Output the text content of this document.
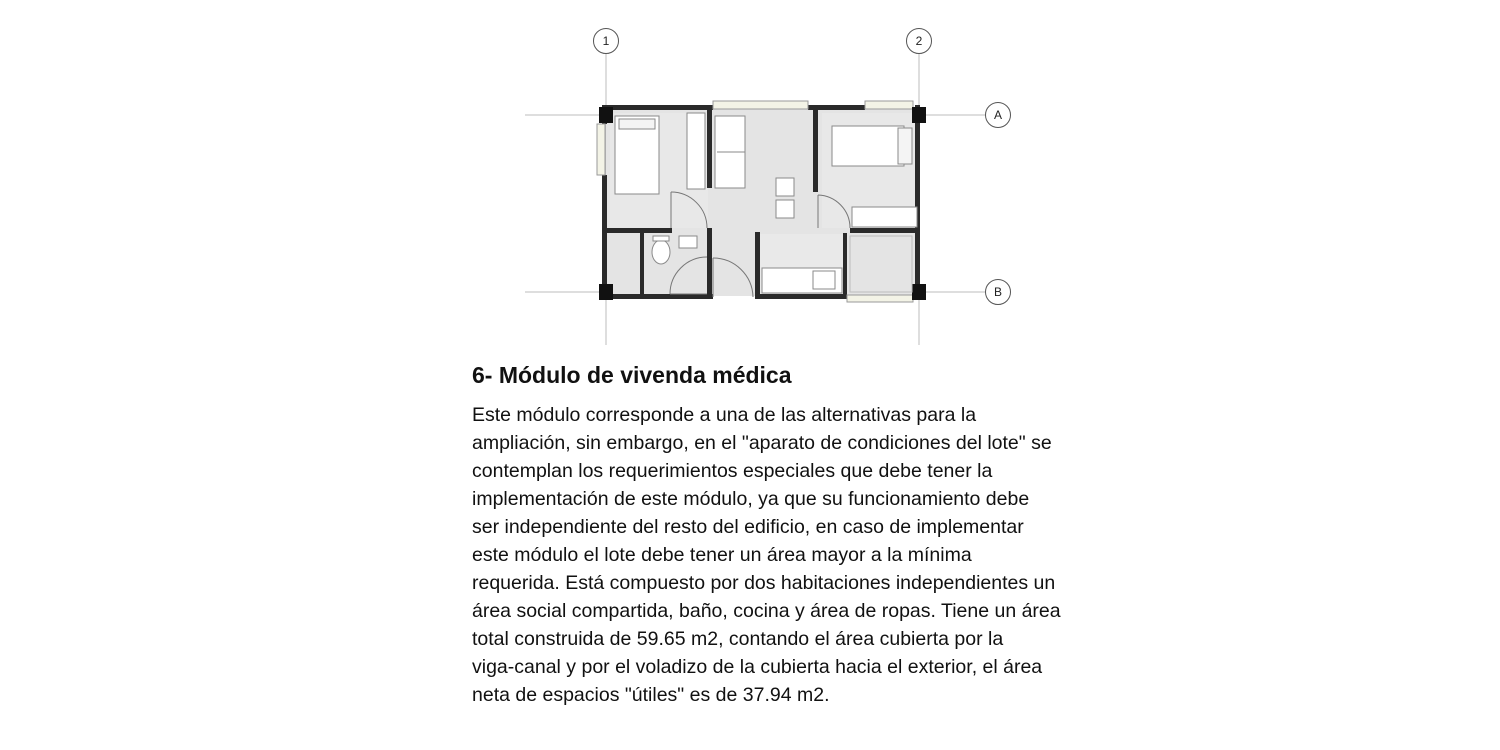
1	2
A
B
6- Módulo de vivenda médica
Este módulo corresponde a una de las alternativas para la
ampliación, sin embargo, en el "aparato de condiciones del lote" se
contemplan los requerimientos especiales que debe tener la
implementación de este módulo, ya que su funcionamiento debe
ser independiente del resto del edificio, en caso de implementar
este módulo el lote debe tener un área mayor a la mínima
requerida. Está compuesto por dos habitaciones independientes un
área social compartida, baño, cocina y área de ropas. Tiene un área
total construida de 59.65 m2, contando el área cubierta por la
viga-canal y por el voladizo de la cubierta hacia el exterior, el área
neta de espacios "útiles" es de 37.94 m2.
